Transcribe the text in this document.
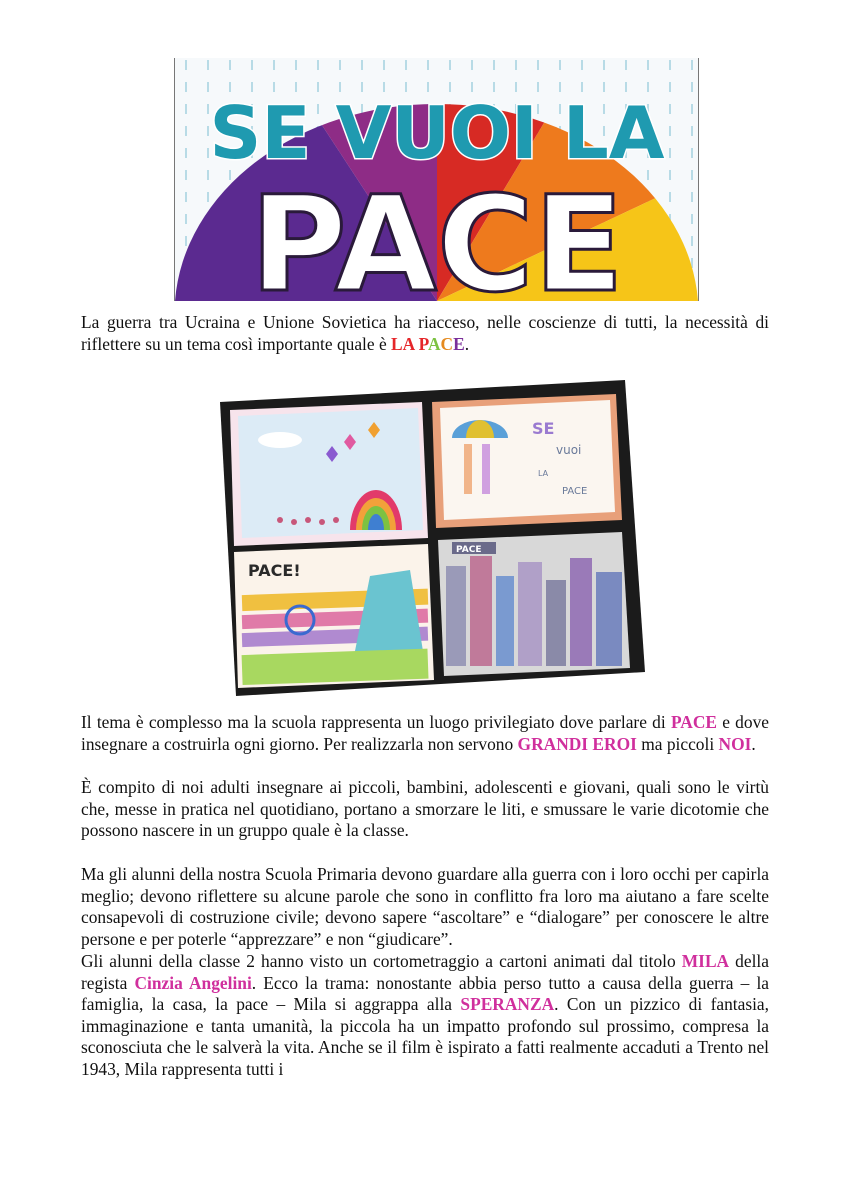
SE VUOI LA
PACE

La guerra tra Ucraina e Unione Sovietica ha riacceso, nelle coscienze di tutti, la necessità di riflettere su un tema così importante quale è LA PACE.

SE
vuoi
LA
PACE
PACE!
PACE

Il tema è complesso ma la scuola rappresenta un luogo privilegiato dove parlare di PACE e dove insegnare a costruirla ogni giorno. Per realizzarla non servono GRANDI EROI ma piccoli NOI.

È compito di noi adulti insegnare ai piccoli, bambini, adolescenti e giovani, quali sono le virtù che, messe in pratica nel quotidiano, portano a smorzare le liti, e smussare le varie dicotomie che possono nascere in un gruppo quale è la classe.

Ma gli alunni della nostra Scuola Primaria devono guardare alla guerra con i loro occhi per capirla meglio; devono riflettere su alcune parole che sono in conflitto fra loro ma aiutano a fare scelte consapevoli di costruzione civile; devono sapere “ascoltare” e “dialogare” per conoscere le altre persone e per poterle “apprezzare” e non “giudicare”.

Gli alunni della classe 2 hanno visto un cortometraggio a cartoni animati dal titolo MILA della regista Cinzia Angelini. Ecco la trama: nonostante abbia perso tutto a causa della guerra – la famiglia, la casa, la pace – Mila si aggrappa alla SPERANZA. Con un pizzico di fantasia, immaginazione e tanta umanità, la piccola ha un impatto profondo sul prossimo, compresa la sconosciuta che le salverà la vita. Anche se il film è ispirato a fatti realmente accaduti a Trento nel 1943, Mila rappresenta tutti i
